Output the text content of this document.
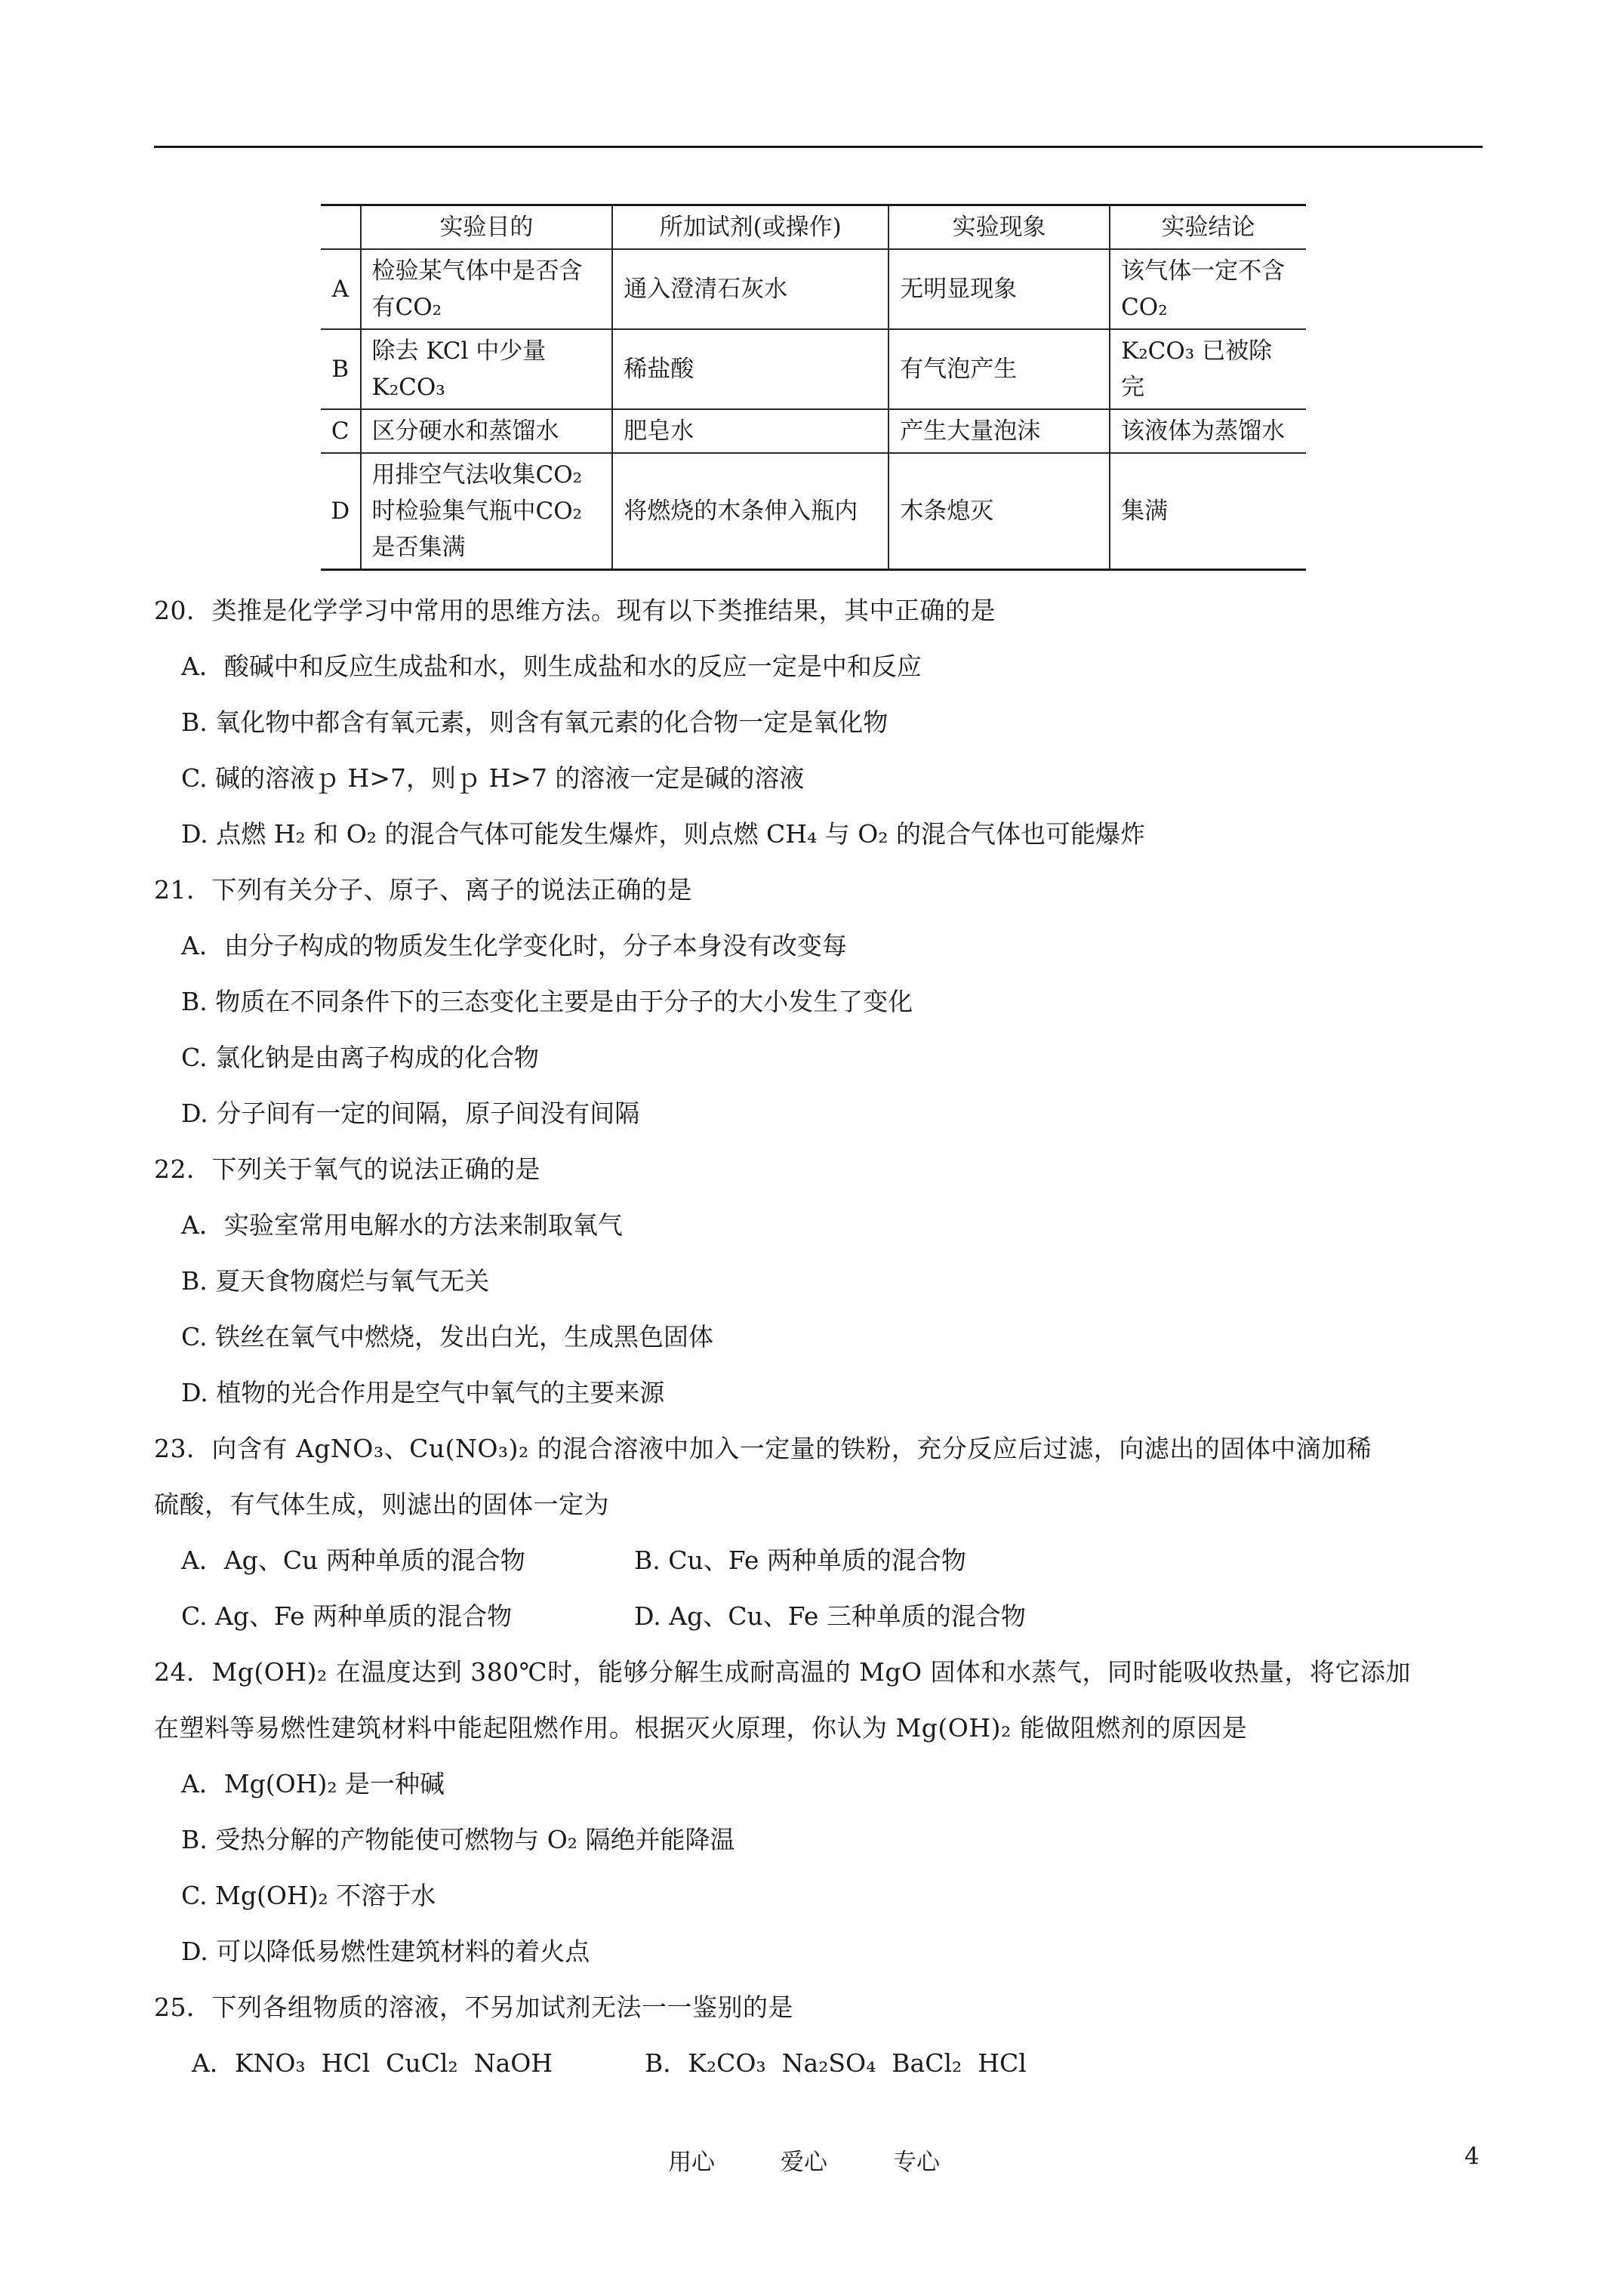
	实验目的	所加试剂(或操作)	实验现象	实验结论
A	检验某气体中是否含有CO₂	通入澄清石灰水	无明显现象	该气体一定不含CO₂
B	除去 KCl 中少量 K₂CO₃	稀盐酸	有气泡产生	K₂CO₃ 已被除完
C	区分硬水和蒸馏水	肥皂水	产生大量泡沫	该液体为蒸馏水
D	用排空气法收集CO₂时检验集气瓶中CO₂是否集满	将燃烧的木条伸入瓶内	木条熄灭	集满
20．类推是化学学习中常用的思维方法。现有以下类推结果，其中正确的是
A．酸碱中和反应生成盐和水，则生成盐和水的反应一定是中和反应
B. 氧化物中都含有氧元素，则含有氧元素的化合物一定是氧化物
C. 碱的溶液ｐ H>7，则ｐ H>7 的溶液一定是碱的溶液
D. 点燃 H₂ 和 O₂ 的混合气体可能发生爆炸，则点燃 CH₄ 与 O₂ 的混合气体也可能爆炸
21．下列有关分子、原子、离子的说法正确的是
A．由分子构成的物质发生化学变化时，分子本身没有改变每
B. 物质在不同条件下的三态变化主要是由于分子的大小发生了变化
C. 氯化钠是由离子构成的化合物
D. 分子间有一定的间隔，原子间没有间隔
22．下列关于氧气的说法正确的是
A．实验室常用电解水的方法来制取氧气
B. 夏天食物腐烂与氧气无关
C. 铁丝在氧气中燃烧，发出白光，生成黑色固体
D. 植物的光合作用是空气中氧气的主要来源
23．向含有 AgNO₃、Cu(NO₃)₂ 的混合溶液中加入一定量的铁粉，充分反应后过滤，向滤出的固体中滴加稀
硫酸，有气体生成，则滤出的固体一定为
A．Ag、Cu 两种单质的混合物	B. Cu、Fe 两种单质的混合物
C. Ag、Fe 两种单质的混合物	D. Ag、Cu、Fe 三种单质的混合物
24．Mg(OH)₂ 在温度达到 380℃时，能够分解生成耐高温的 MgO 固体和水蒸气，同时能吸收热量，将它添加
在塑料等易燃性建筑材料中能起阻燃作用。根据灭火原理，你认为 Mg(OH)₂ 能做阻燃剂的原因是
A．Mg(OH)₂ 是一种碱
B. 受热分解的产物能使可燃物与 O₂ 隔绝并能降温
C. Mg(OH)₂ 不溶于水
D. 可以降低易燃性建筑材料的着火点
25．下列各组物质的溶液，不另加试剂无法一一鉴别的是
A．KNO₃  HCl  CuCl₂  NaOH	B．K₂CO₃  Na₂SO₄  BaCl₂  HCl
用心	爱心	专心	4
